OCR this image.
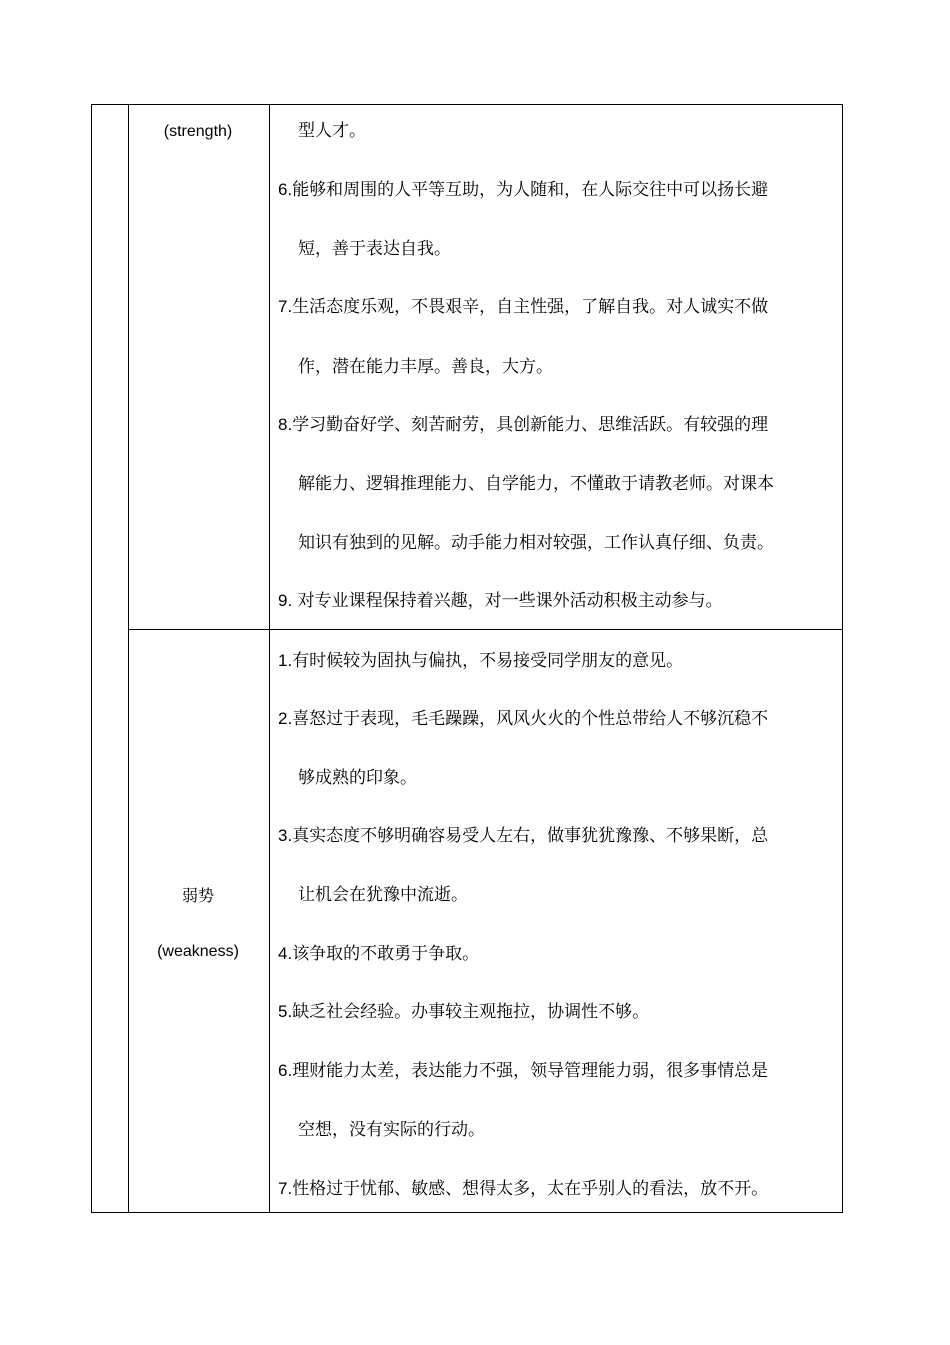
(strength)
弱势
(weakness)
型人才。
6.能够和周围的人平等互助，为人随和，在人际交往中可以扬长避
短，善于表达自我。
7.生活态度乐观，不畏艰辛，自主性强，了解自我。对人诚实不做
作，潜在能力丰厚。善良，大方。
8.学习勤奋好学、刻苦耐劳，具创新能力、思维活跃。有较强的理
解能力、逻辑推理能力、自学能力，不懂敢于请教老师。对课本
知识有独到的见解。动手能力相对较强，工作认真仔细、负责。
9. 对专业课程保持着兴趣，对一些课外活动积极主动参与。
1.有时候较为固执与偏执，不易接受同学朋友的意见。
2.喜怒过于表现，毛毛躁躁，风风火火的个性总带给人不够沉稳不
够成熟的印象。
3.真实态度不够明确容易受人左右，做事犹犹豫豫、不够果断，总
让机会在犹豫中流逝。
4.该争取的不敢勇于争取。
5.缺乏社会经验。办事较主观拖拉，协调性不够。
6.理财能力太差，表达能力不强，领导管理能力弱，很多事情总是
空想，没有实际的行动。
7.性格过于忧郁、敏感、想得太多，太在乎别人的看法，放不开。
